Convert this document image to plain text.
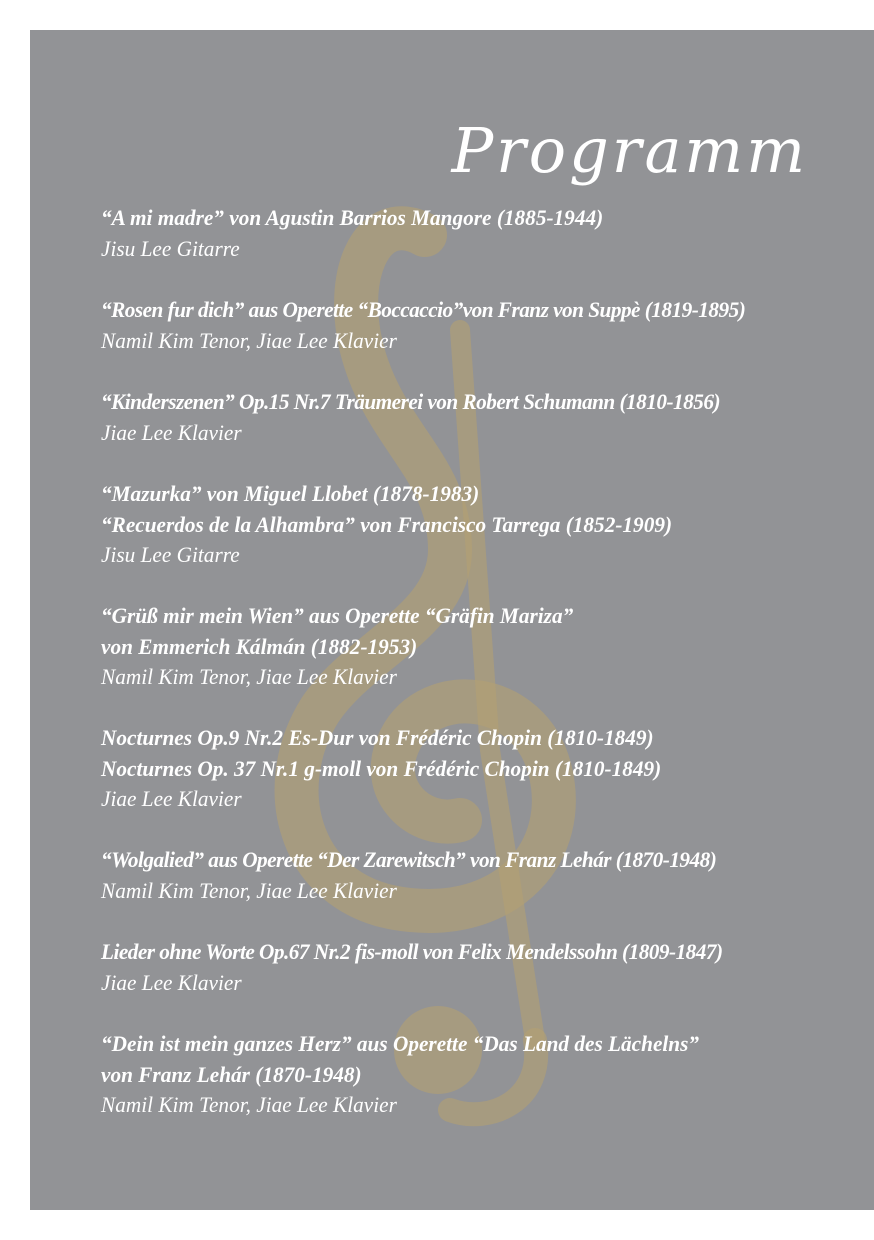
Programm
“A mi madre” von Agustin Barrios Mangore (1885-1944)
Jisu Lee Gitarre
“Rosen fur dich” aus Operette “Boccaccio”von Franz von Suppè (1819-1895)
Namil Kim Tenor, Jiae Lee Klavier
“Kinderszenen” Op.15 Nr.7 Träumerei von Robert Schumann (1810-1856)
Jiae Lee Klavier
“Mazurka” von Miguel Llobet (1878-1983)
“Recuerdos de la Alhambra” von Francisco Tarrega (1852-1909)
Jisu Lee Gitarre
“Grüß mir mein Wien” aus Operette “Gräfin Mariza”
von Emmerich Kálmán (1882-1953)
Namil Kim Tenor, Jiae Lee Klavier
Nocturnes Op.9 Nr.2 Es-Dur von Frédéric Chopin (1810-1849)
Nocturnes Op. 37 Nr.1 g-moll von Frédéric Chopin (1810-1849)
Jiae Lee Klavier
“Wolgalied” aus Operette “Der Zarewitsch” von Franz Lehár (1870-1948)
Namil Kim Tenor, Jiae Lee Klavier
Lieder ohne Worte Op.67 Nr.2 fis-moll von Felix Mendelssohn (1809-1847)
Jiae Lee Klavier
“Dein ist mein ganzes Herz” aus Operette “Das Land des Lächelns”
von Franz Lehár (1870-1948)
Namil Kim Tenor, Jiae Lee Klavier
